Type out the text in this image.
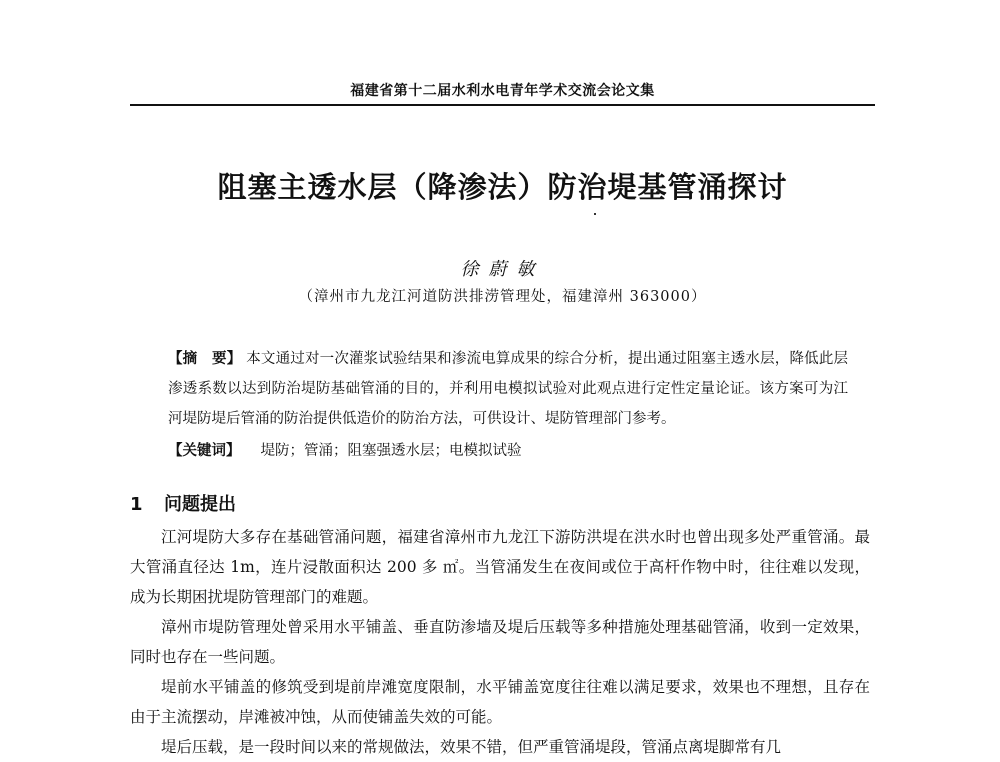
福建省第十二届水利水电青年学术交流会论文集
阻塞主透水层（降渗法）防治堤基管涌探讨
徐蔚敏
（漳州市九龙江河道防洪排涝管理处，福建漳州 363000）
【摘　要】 本文通过对一次灌浆试验结果和渗流电算成果的综合分析，提出通过阻塞主透水层，降低此层渗透系数以达到防治堤防基础管涌的目的，并利用电模拟试验对此观点进行定性定量论证。该方案可为江河堤防堤后管涌的防治提供低造价的防治方法，可供设计、堤防管理部门参考。
【关键词】 堤防；管涌；阻塞强透水层；电模拟试验
1 问题提出

江河堤防大多存在基础管涌问题，福建省漳州市九龙江下游防洪堤在洪水时也曾出现多处严重管涌。最大管涌直径达 1m，连片浸散面积达 200 多 ㎡。当管涌发生在夜间或位于高杆作物中时，往往难以发现，成为长期困扰堤防管理部门的难题。

漳州市堤防管理处曾采用水平铺盖、垂直防渗墙及堤后压载等多种措施处理基础管涌，收到一定效果，同时也存在一些问题。

堤前水平铺盖的修筑受到堤前岸滩宽度限制，水平铺盖宽度往往难以满足要求，效果也不理想，且存在由于主流摆动，岸滩被冲蚀，从而使铺盖失效的可能。

堤后压载，是一段时间以来的常规做法，效果不错，但严重管涌堤段，管涌点离堤脚常有几
